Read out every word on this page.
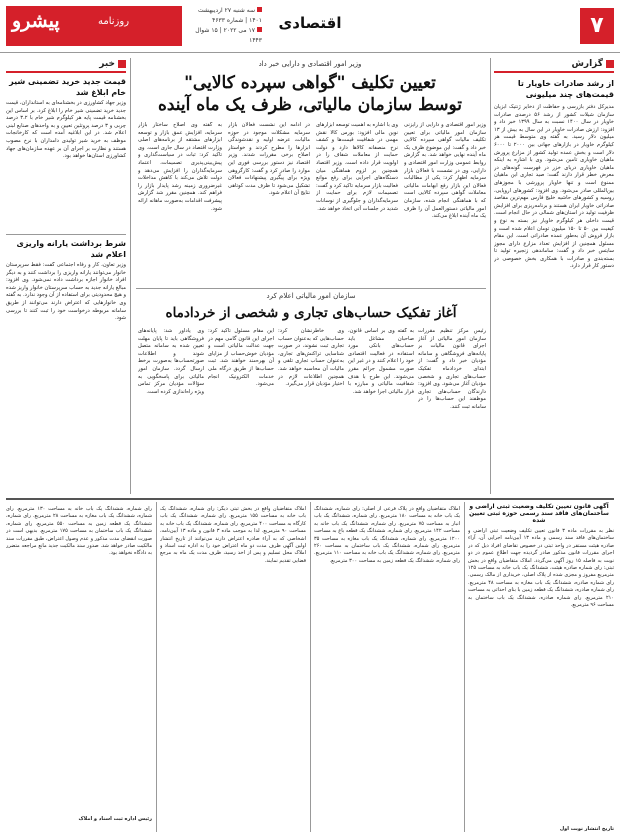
۷
اقتصادی
سه شنبه ۲۷ اردیبهشت ۱۴۰۱ | شماره ۴۶۳۳
۱۷ می ۲۰۲۲ | ۱۵ شوال ۱۴۴۳
پیشرو	روزنامه
گزارش
خبر
از رشد صادرات خاویار تا قیمت‌های چند میلیونی
مدیرکل دفتر بازرسی و حفاظت از ذخایر ژنتیک آبزیان سازمان شیلات کشور از رشد ۵۶ درصدی صادرات خاویار در سال ۱۴۰۰ نسبت به سال ۱۳۹۹ خبر داد و افزود: ارزش صادرات خاویار در این سال به بیش از ۱۳ میلیون دلار رسید. به گفته وی متوسط قیمت هر کیلوگرم خاویار در بازارهای جهانی بین ۲۰۰۰ تا ۶۰۰۰ دلار است و بخش عمده تولید کشور از مزارع پرورش ماهیان خاویاری تامین می‌شود. وی با اشاره به اینکه ماهیان خاویاری دریای خزر در فهرست گونه‌های در معرض خطر قرار دارند گفت: صید تجاری این ماهیان ممنوع است و تنها خاویار پرورشی با مجوزهای بین‌المللی صادر می‌شود. وی افزود: کشورهای اروپایی، روسیه و کشورهای حاشیه خلیج فارس مهم‌ترین مقاصد صادراتی خاویار ایران هستند و برنامه‌ریزی برای افزایش ظرفیت تولید در استان‌های شمالی در حال انجام است. قیمت داخلی هر کیلوگرم خاویار نیز بسته به نوع و کیفیت بین ۵۰ تا ۱۵۰ میلیون تومان اعلام شده است و بازار فروش آن به‌طور عمده صادراتی است. این مقام مسئول همچنین از افزایش تعداد مزارع دارای مجوز سایتس خبر داد و گفت: ساماندهی زنجیره تولید تا بسته‌بندی و صادرات با همکاری بخش خصوصی در دستور کار قرار دارد.
وزیر امور اقتصادی و دارایی خبر داد
تعیین تکلیف "گواهی سپرده کالایی"
توسط سازمان مالیاتی، ظرف یک ماه آینده
وزیر امور اقتصادی و دارایی از رایزنی سازمان امور مالیاتی برای تعیین تکلیف مالیات گواهی سپرده کالایی خبر داد و گفت: این موضوع ظرف یک ماه آینده نهایی خواهد شد. به گزارش روابط عمومی وزارت امور اقتصادی و دارایی، وی در نشست با فعالان بازار سرمایه اظهار کرد: یکی از مطالبات فعالان این بازار رفع ابهامات مالیاتی معاملات گواهی سپرده کالایی است که با هماهنگی انجام شده، سازمان امور مالیاتی دستورالعمل آن را ظرف یک ماه آینده ابلاغ می‌کند.
وی با اشاره به اهمیت توسعه ابزارهای نوین مالی افزود: بورس کالا نقش مهمی در شفافیت قیمت‌ها و کشف نرخ منصفانه کالاها دارد و دولت حمایت از معاملات شفاف را در اولویت قرار داده است. وزیر اقتصاد همچنین بر لزوم هماهنگی میان دستگاه‌های اجرایی برای رفع موانع فعالیت بازار سرمایه تاکید کرد و گفت: تصمیمات لازم برای حمایت از سرمایه‌گذاران و جلوگیری از نوسانات شدید در جلسات آتی اتخاذ خواهد شد.
در ادامه این نشست فعالان بازار سرمایه مشکلات موجود در حوزه مالیات، عرضه اولیه و نقدشوندگی ابزارها را مطرح کردند و خواستار اصلاح برخی مقررات شدند. وزیر اقتصاد نیز دستور بررسی فوری این موارد را صادر کرد و گفت: کارگروهی ویژه برای پیگیری پیشنهادات فعالان تشکیل می‌شود تا ظرف مدت کوتاهی نتایج آن اعلام شود.
به گفته وی اصلاح ساختار بازار سرمایه، افزایش عمق بازار و توسعه ابزارهای مشتقه از برنامه‌های اصلی وزارت اقتصاد در سال جاری است. وی تاکید کرد: ثبات در سیاست‌گذاری و پیش‌بینی‌پذیری تصمیمات، اعتماد سرمایه‌گذاران را افزایش می‌دهد و دولت تلاش می‌کند با کاهش مداخلات غیرضروری زمینه رشد پایدار بازار را فراهم کند. همچنین مقرر شد گزارش پیشرفت اقدامات به‌صورت ماهانه ارائه شود.
قیمت جدید خرید تضمینی شیر خام ابلاغ شد
وزیر جهاد کشاورزی در بخشنامه‌ای به استانداران، قیمت جدید خرید تضمینی شیر خام را ابلاغ کرد. بر اساس این بخشنامه قیمت پایه هر کیلوگرم شیر خام با ۳.۲ درصد چربی و ۳ درصد پروتئین تعیین و به واحدهای صنایع لبنی اعلام شد. در این ابلاغیه آمده است که کارخانجات موظف به خرید شیر تولیدی دامداران با نرخ مصوب هستند و نظارت بر اجرای آن بر عهده سازمان‌های جهاد کشاورزی استان‌ها خواهد بود.
شرط برداشت یارانه واریزی اعلام شد
وزیر تعاون، کار و رفاه اجتماعی گفت: فقط سرپرستان خانوار می‌توانند یارانه واریزی را برداشت کنند و به دیگر افراد خانوار اجازه برداشت داده نمی‌شود. وی افزود: مبالغ یارانه جدید به حساب سرپرستان خانوار واریز شده و هیچ محدودیتی برای استفاده از آن وجود ندارد. به گفته وی خانوارهایی که اعتراض دارند می‌توانند از طریق سامانه مربوطه درخواست خود را ثبت کنند تا بررسی شود.
سازمان امور مالیاتی اعلام کرد
آغاز تفکیک حساب‌های تجاری و شخصی از خردادماه
رئیس مرکز تنظیم مقررات سازمان امور مالیاتی از آغاز اجرای قانون مالیات بر پایانه‌های فروشگاهی و سامانه مؤدیان خبر داد و گفت: از ابتدای خردادماه تفکیک حساب‌های تجاری و شخصی مؤدیان آغاز می‌شود. وی افزود: دارندگان حساب‌های تجاری موظفند این حساب‌ها را در سامانه ثبت کنند.
به گفته وی بر اساس قانون، صاحبان مشاغل باید حساب‌های بانکی مورد استفاده در فعالیت اقتصادی خود را اعلام کنند و در غیر این صورت مشمول جرائم مقرر می‌شوند. این طرح با هدف شفافیت مالیاتی و مبارزه با فرار مالیاتی اجرا خواهد شد.
وی خاطرنشان کرد: حساب‌هایی که به‌عنوان حساب تجاری ثبت نشوند، در صورت شناسایی تراکنش‌های تجاری، به‌عنوان حساب تجاری تلقی و مالیات آن محاسبه خواهد شد. همچنین اطلاعات لازم در اختیار مؤدیان قرار می‌گیرد.
این مقام مسئول تاکید کرد: اجرای این قانون گامی مهم در جهت عدالت مالیاتی است و مؤدیان خوش‌حساب از مزایای آن بهره‌مند خواهند شد. ثبت حساب‌ها از طریق درگاه ملی خدمات الکترونیک انجام می‌شود.
وی یادآور شد: پایانه‌های فروشگاهی باید تا پایان مهلت تعیین شده به سامانه متصل شوند و اطلاعات صورتحساب‌ها به‌صورت برخط ارسال گردد. سازمان امور مالیاتی برای پاسخگویی به سؤالات مؤدیان مرکز تماس ویژه راه‌اندازی کرده است.
آگهی قانون تعیین تکلیف وضعیت ثبتی اراضی و ساختمان‌های فاقد سند رسمی حوزه ثبتی تعیین شده
نظر به مقررات ماده ۳ قانون تعیین تکلیف وضعیت ثبتی اراضی و ساختمان‌های فاقد سند رسمی و ماده ۱۳ آیین‌نامه اجرایی آن، آراء صادره هیئت مستقر در واحد ثبتی در خصوص تقاضای افراد ذیل که در اجرای مقررات قانون مذکور صادر گردیده جهت اطلاع عموم در دو نوبت به فاصله ۱۵ روز آگهی می‌گردد. املاک متقاضیان واقع در بخش ثبتی: رای شماره صادره هیئت، ششدانگ یک باب خانه به مساحت ۱۲۵ مترمربع مفروز و مجزی شده از پلاک اصلی، خریداری از مالک رسمی. رای شماره صادره، ششدانگ یک باب مغازه به مساحت ۴۸ مترمربع. رای شماره صادره، ششدانگ یک قطعه زمین با بنای احداثی به مساحت ۲۱۰ مترمربع. رای شماره صادره، ششدانگ یک باب ساختمان به مساحت ۹۶ مترمربع.
املاک متقاضیان واقع در پلاک فرعی از اصلی: رای شماره، ششدانگ یک باب خانه به مساحت ۱۸۰ مترمربع. رای شماره، ششدانگ یک باب انبار به مساحت ۷۵ مترمربع. رای شماره، ششدانگ یک باب خانه به مساحت ۱۴۲ مترمربع. رای شماره، ششدانگ یک قطعه باغ به مساحت ۱۲۰۰ مترمربع. رای شماره، ششدانگ یک باب مغازه به مساحت ۳۵ مترمربع. رای شماره، ششدانگ یک باب ساختمان به مساحت ۲۶۰ مترمربع. رای شماره، ششدانگ یک باب خانه به مساحت ۱۱۰ مترمربع. رای شماره، ششدانگ یک قطعه زمین به مساحت ۳۰۰ مترمربع.
املاک متقاضیان واقع در بخش ثبتی دیگر: رای شماره، ششدانگ یک باب خانه به مساحت ۱۵۵ مترمربع. رای شماره، ششدانگ یک باب کارگاه به مساحت ۴۰۰ مترمربع. رای شماره، ششدانگ یک باب خانه به مساحت ۹۰ مترمربع. لذا به موجب ماده ۳ قانون و ماده ۱۳ آیین‌نامه، اشخاصی که به آراء صادره اعتراض دارند می‌توانند از تاریخ انتشار اولین آگهی ظرف مدت دو ماه اعتراض خود را به اداره ثبت اسناد و املاک محل تسلیم و پس از اخذ رسید، ظرف مدت یک ماه به مرجع قضایی تقدیم نمایند.
رای شماره، ششدانگ یک باب خانه به مساحت ۱۳۰ مترمربع. رای شماره، ششدانگ یک باب مغازه به مساحت ۲۸ مترمربع. رای شماره، ششدانگ یک قطعه زمین به مساحت ۵۵۰ مترمربع. رای شماره، ششدانگ یک باب ساختمان به مساحت ۱۷۵ مترمربع. بدیهی است در صورت انقضای مدت مذکور و عدم وصول اعتراض، طبق مقررات سند مالکیت صادر خواهد شد. صدور سند مالکیت جدید مانع مراجعه متضرر به دادگاه نخواهد بود.
رئیس اداره ثبت اسناد و املاک
تاریخ انتشار نوبت اول
